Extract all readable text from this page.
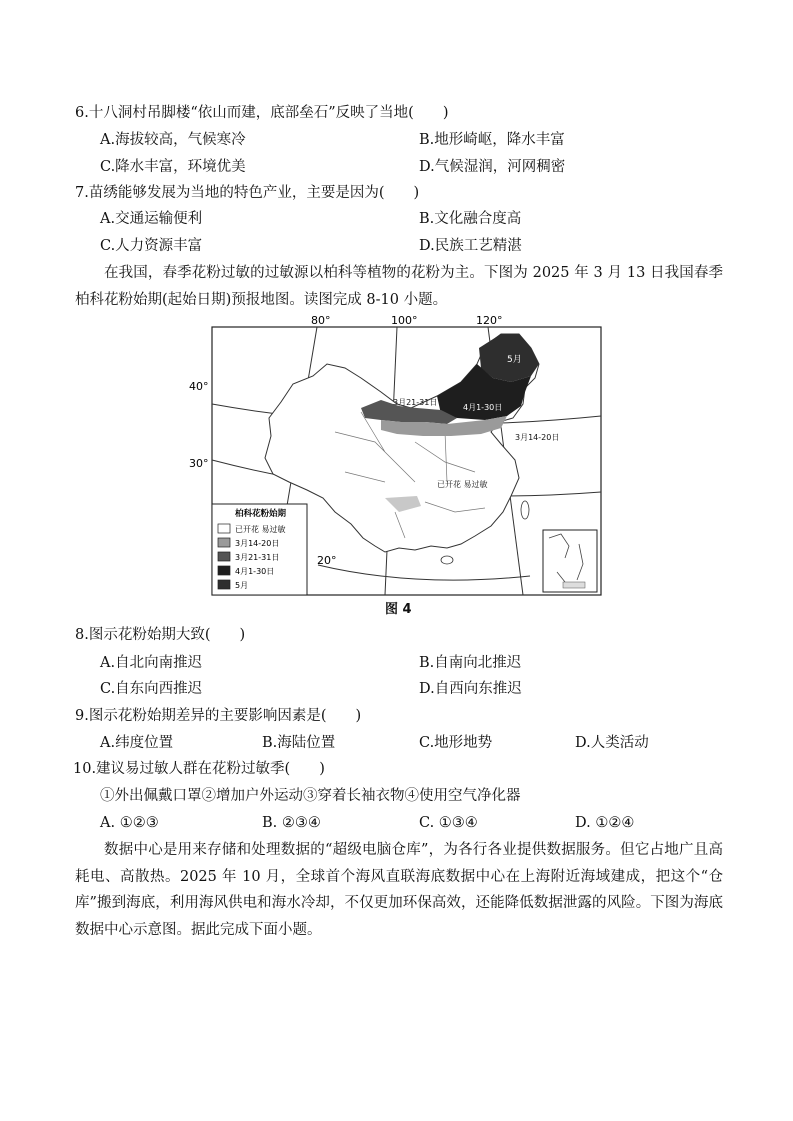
6.十八洞村吊脚楼“依山而建，底部垒石”反映了当地(　　)
A.海拔较高，气候寒冷	B.地形崎岖，降水丰富
C.降水丰富，环境优美	D.气候湿润，河网稠密
7.苗绣能够发展为当地的特色产业，主要是因为(　　)
A.交通运输便利	B.文化融合度高
C.人力资源丰富	D.民族工艺精湛

在我国，春季花粉过敏的过敏源以柏科等植物的花粉为主。下图为 2025 年 3 月 13 日我国春季柏科花粉始期(起始日期)预报地图。读图完成 8-10 小题。

5月
4月1-30日
3月21-31日
3月14-20日
已开花 易过敏
柏科花粉始期
已开花 易过敏
3月14-20日
3月21-31日
4月1-30日
5月
80°	100°	120°
40°
30°
20°
图 4
8.图示花粉始期大致(　　)
A.自北向南推迟	B.自南向北推迟
C.自东向西推迟	D.自西向东推迟
9.图示花粉始期差异的主要影响因素是(　　)
A.纬度位置	B.海陆位置	C.地形地势	D.人类活动
10.建议易过敏人群在花粉过敏季(　　)
①外出佩戴口罩②增加户外运动③穿着长袖衣物④使用空气净化器
A. ①②③	B. ②③④	C. ①③④	D. ①②④

数据中心是用来存储和处理数据的“超级电脑仓库”，为各行各业提供数据服务。但它占地广且高耗电、高散热。2025 年 10 月，全球首个海风直联海底数据中心在上海附近海域建成，把这个“仓库”搬到海底，利用海风供电和海水冷却，不仅更加环保高效，还能降低数据泄露的风险。下图为海底数据中心示意图。据此完成下面小题。
